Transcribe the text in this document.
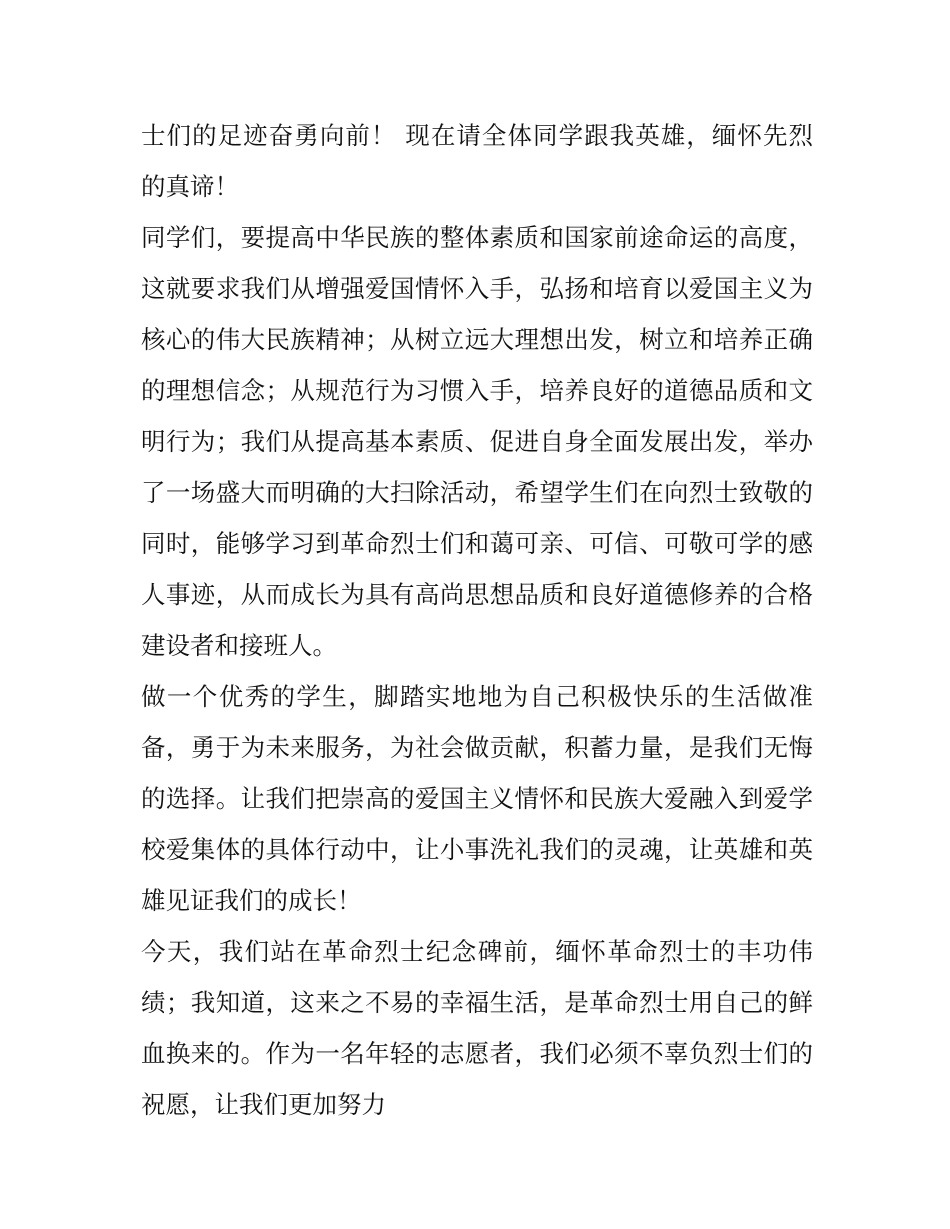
士们的足迹奋勇向前！ 现在请全体同学跟我英雄，缅怀先烈
的真谛！
同学们，要提高中华民族的整体素质和国家前途命运的高度，
这就要求我们从增强爱国情怀入手，弘扬和培育以爱国主义为
核心的伟大民族精神；从树立远大理想出发，树立和培养正确
的理想信念；从规范行为习惯入手，培养良好的道德品质和文
明行为；我们从提高基本素质、促进自身全面发展出发，举办
了一场盛大而明确的大扫除活动，希望学生们在向烈士致敬的
同时，能够学习到革命烈士们和蔼可亲、可信、可敬可学的感
人事迹，从而成长为具有高尚思想品质和良好道德修养的合格
建设者和接班人。
做一个优秀的学生，脚踏实地地为自己积极快乐的生活做准
备，勇于为未来服务，为社会做贡献，积蓄力量，是我们无悔
的选择。让我们把崇高的爱国主义情怀和民族大爱融入到爱学
校爱集体的具体行动中，让小事洗礼我们的灵魂，让英雄和英
雄见证我们的成长！
今天，我们站在革命烈士纪念碑前，缅怀革命烈士的丰功伟
绩；我知道，这来之不易的幸福生活，是革命烈士用自己的鲜
血换来的。作为一名年轻的志愿者，我们必须不辜负烈士们的
祝愿，让我们更加努力
